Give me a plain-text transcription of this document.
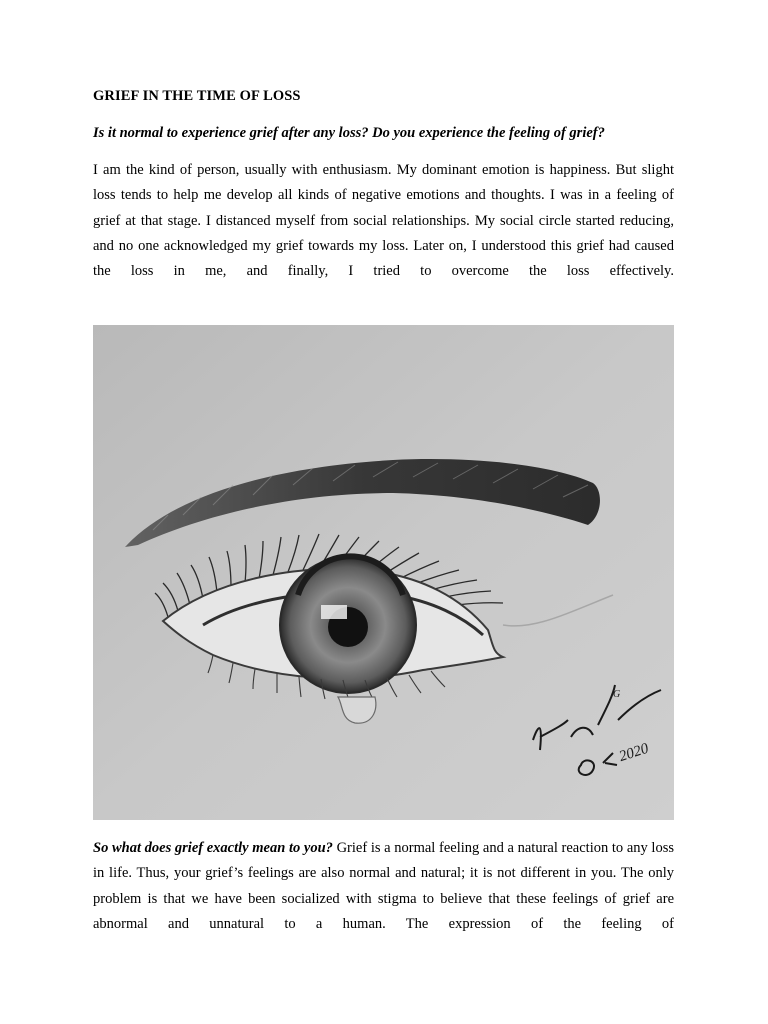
GRIEF IN THE TIME OF LOSS
Is it normal to experience grief after any loss? Do you experience the feeling of grief?
I am the kind of person, usually with enthusiasm. My dominant emotion is happiness. But slight loss tends to help me develop all kinds of negative emotions and thoughts. I was in a feeling of grief at that stage. I distanced myself from social relationships. My social circle started reducing, and no one acknowledged my grief towards my loss. Later on, I understood this grief had caused the loss in me, and finally, I tried to overcome the loss effectively.
G
2020
So what does grief exactly mean to you? Grief is a normal feeling and a natural reaction to any loss in life. Thus, your grief’s feelings are also normal and natural; it is not different in you. The only problem is that we have been socialized with stigma to believe that these feelings of grief are abnormal and unnatural to a human. The expression of the feeling of
